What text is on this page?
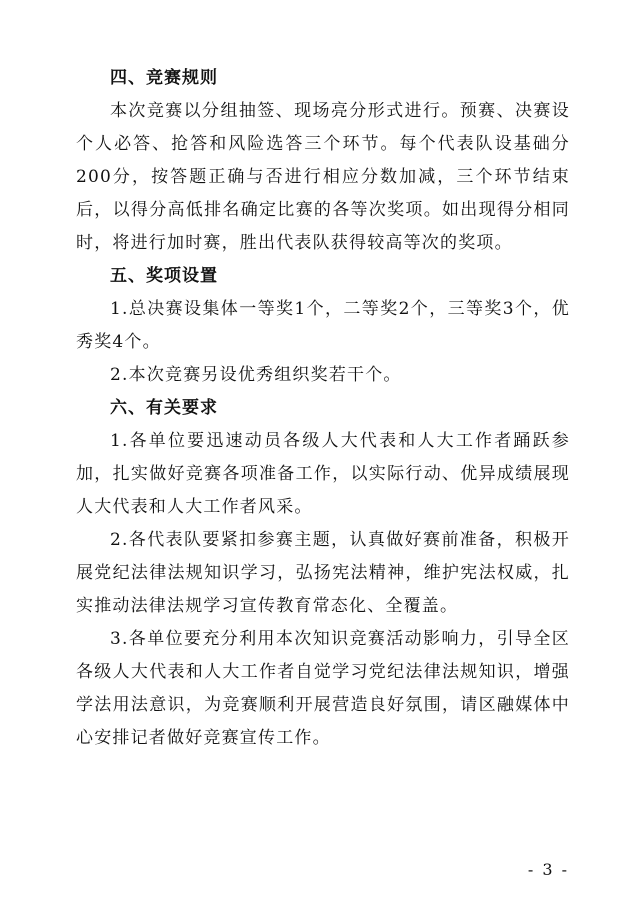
四、竞赛规则

本次竞赛以分组抽签、现场亮分形式进行。预赛、决赛设个人必答、抢答和风险选答三个环节。每个代表队设基础分200分，按答题正确与否进行相应分数加减，三个环节结束后，以得分高低排名确定比赛的各等次奖项。如出现得分相同时，将进行加时赛，胜出代表队获得较高等次的奖项。

五、奖项设置

1.总决赛设集体一等奖1个，二等奖2个，三等奖3个，优秀奖4个。

2.本次竞赛另设优秀组织奖若干个。

六、有关要求

1.各单位要迅速动员各级人大代表和人大工作者踊跃参加，扎实做好竞赛各项准备工作，以实际行动、优异成绩展现人大代表和人大工作者风采。

2.各代表队要紧扣参赛主题，认真做好赛前准备，积极开展党纪法律法规知识学习，弘扬宪法精神，维护宪法权威，扎实推动法律法规学习宣传教育常态化、全覆盖。

3.各单位要充分利用本次知识竞赛活动影响力，引导全区各级人大代表和人大工作者自觉学习党纪法律法规知识，增强学法用法意识，为竞赛顺利开展营造良好氛围，请区融媒体中心安排记者做好竞赛宣传工作。

- 3 -
